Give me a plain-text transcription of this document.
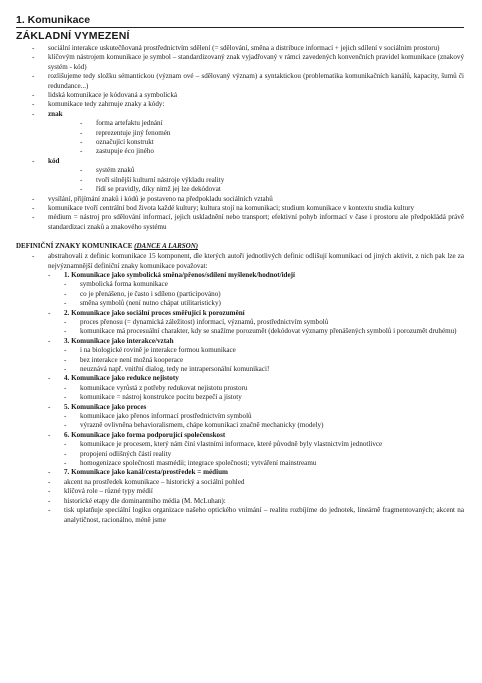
1. Komunikace
ZÁKLADNÍ VYMEZENÍ
- sociální interakce uskutečňovaná prostřednictvím sdělení (= sdělování, směna a distribuce informací + jejich sdílení v sociálním prostoru)
- klíčovým nástrojem komunikace je symbol – standardizovaný znak vyjadřovaný v rámci zavedených konvenčních pravidel komunikace (znakový systém - kód)
- rozlišujeme tedy složku sémantickou (význam ové – sdělovaný význam) a syntaktickou (problematika komunikačních kanálů, kapacity, šumů či redundance...)
- lidská komunikace je kódovaná a symbolická
- komunikace tedy zahrnuje znaky a kódy:
- znak
- forma artefaktu jednání
- reprezentuje jiný fenomén
- označující konstrukt
- zastupuje éco jiného
- kód
- systém znaků
- tvoří silnější kulturní nástroje výkladu reality
- řídí se pravidly, díky nimž jej lze dekódovat
- vysílání, přijímání znaků i kódů je postaveno na předpokladu sociálních vztahů
- komunikace tvoří centrální bod života každé kultury; kultura stojí na komunikaci; studium komunikace v kontextu studia kultury
- médium = nástroj pro sdělování informací, jejich uskladnění nebo transport; efektivní pohyb informací v čase i prostoru ale předpokládá právě standardizaci znaků a znakového systému
DEFINIČNÍ ZNAKY KOMUNIKACE (DANCE A LARSON)
- abstrahovali z definic komunikace 15 komponent, dle kterých autoři jednotlivých definic odlišují komunikaci od jiných aktivit, z nich pak lze za nejvýznamnější definiční znaky komunikace považovat:
- 1. Komunikace jako symbolická směna/přenos/sdílení myšlenek/hodnot/idejí
- symbolická forma komunikace
- co je přenášeno, je často i sdíleno (participováno)
- směna symbolů (není nutno chápat utilitaristicky)
- 2. Komunikace jako sociální proces směřující k porozumění
- proces přenosu (= dynamická záležitost) informací, významů, prostřednictvím symbolů
- komunikace má procesuální charakter, kdy se snažíme porozumět (dekódovat významy přenášených symbolů i porozumět druhému)
- 3. Komunikace jako interakce/vztah
- i na biologické rovině je interakce formou komunikace
- bez interakce není možná kooperace
- neuznává např. vnitřní dialog, tedy ne intrapersonální komunikaci!
- 4. Komunikace jako redukce nejistoty
- komunikace vyrůstá z potřeby redukovat nejistotu prostoru
- komunikace = nástroj konstrukce pocitu bezpečí a jistoty
- 5. Komunikace jako proces
- komunikace jako přenos informací prostřednictvím symbolů
- výrazně ovlivněna behavioralismem, chápe komunikaci značně mechanicky (modely)
- 6. Komunikace jako forma podporující společenskost
- komunikace je procesem, který nám činí vlastními informace, které původně byly vlastnictvím jednotlivce
- propojení odlišných částí reality
- homogenizace společnosti masmédii; integrace společnosti; vytváření mainstreamu
- 7. Komunikace jako kanál/cesta/prostředek = médium
- akcent na prostředek komunikace – historický a sociální pohled
- klíčová role – různé typy médií
- historické etapy dle dominantního média (M. McLuhan):
- tisk uplatňuje speciální logiku organizace našeho optického vnímání – realitu rozbíjíme do jednotek, lineárně fragmentovaných; akcent na analytičnost, racionálno, méně jsme
